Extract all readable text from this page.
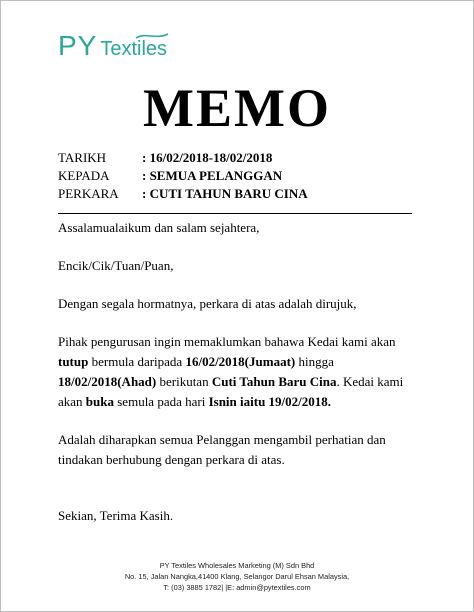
PY Textiles
MEMO
TARIKH	: 16/02/2018-18/02/2018
KEPADA	: SEMUA PELANGGAN
PERKARA	: CUTI TAHUN BARU CINA

Assalamualaikum dan salam sejahtera,

Encik/Cik/Tuan/Puan,

Dengan segala hormatnya, perkara di atas adalah dirujuk,

Pihak pengurusan ingin memaklumkan bahawa Kedai kami akan tutup bermula daripada 16/02/2018(Jumaat) hingga 18/02/2018(Ahad) berikutan Cuti Tahun Baru Cina. Kedai kami akan buka semula pada hari Isnin iaitu 19/02/2018.

Adalah diharapkan semua Pelanggan mengambil perhatian dan tindakan berhubung dengan perkara di atas.

Sekian, Terima Kasih.

PY Textiles Wholesales Marketing (M) Sdn Bhd
No. 15, Jalan Nangka,41400 Klang, Selangor Darul Ehsan Malaysia,
T: (03) 3885 1782| |E: admin@pytextiles.com
